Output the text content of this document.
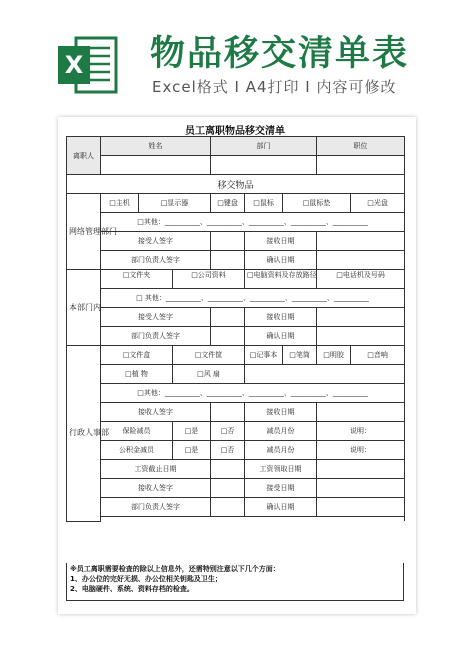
X 物品移交清单表
Excel格式 I A4打印 I 内容可修改
员工离职物品移交清单
离职人	姓名			部门			职位	

移交物品								
网络管理部门	□主机	□显示器		□键盘	□鼠标	□鼠标垫		□光盘
	□其他：__________、__________、__________、__________、__________							
	接受人签字				接收日期			
	部门负责人签字				确认日期			
本部门内	□文件夹		□公司资料		□电脑资料及存放路径		□电话机及号码	
	□ 其他：__________、__________、__________、__________、__________							
	接受人签字				接收日期			
	部门负责人签字				确认日期			
行政人事部	□文件盒		□文件筐		□记事本	□笔筒	□明胶	□音响
	□植 物		□风 扇					
	□其他：__________、__________、__________、__________、__________							
	接收人签字				接收日期			
	保险减员		□是	□否	减员月份		说明：	
	公积金减员		□是	□否	减员月份		说明：	
	工资截止日期				工资领取日期			
	接收人签字				接受日期			
	部门负责人签字				确认日期			

※员工离职需要检查的除以上信息外，还需特别注意以下几个方面：
1、办公位的完好无损、办公位相关钥匙及卫生；
2、电脑硬件、系统、资料存档的检查。
